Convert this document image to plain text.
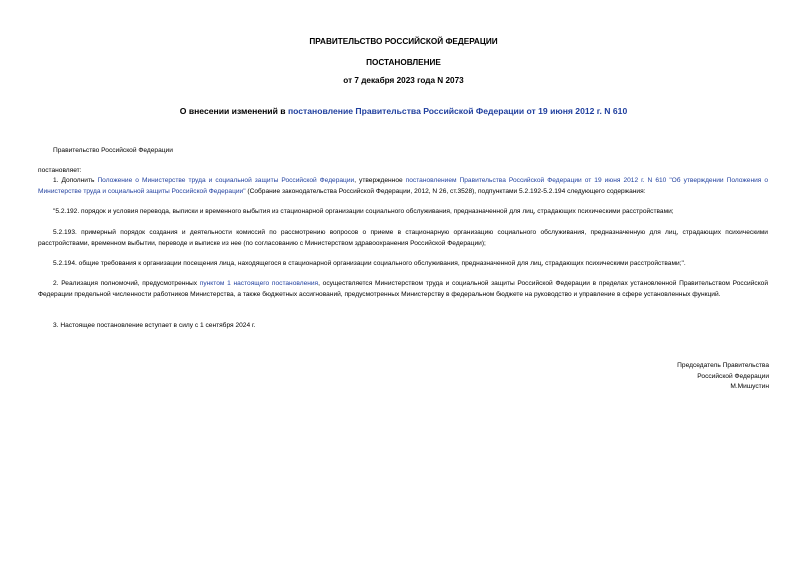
ПРАВИТЕЛЬСТВО РОССИЙСКОЙ ФЕДЕРАЦИИ
ПОСТАНОВЛЕНИЕ
от 7 декабря 2023 года N 2073
О внесении изменений в постановление Правительства Российской Федерации от 19 июня 2012 г. N 610
Правительство Российской Федерации
постановляет:
1. Дополнить Положение о Министерстве труда и социальной защиты Российской Федерации, утвержденное постановлением Правительства Российской Федерации от 19 июня 2012 г. N 610 "Об утверждении Положения о Министерстве труда и социальной защиты Российской Федерации" (Собрание законодательства Российской Федерации, 2012, N 26, ст.3528), подпунктами 5.2.192-5.2.194 следующего содержания:
"5.2.192. порядок и условия перевода, выписки и временного выбытия из стационарной организации социального обслуживания, предназначенной для лиц, страдающих психическими расстройствами;
5.2.193. примерный порядок создания и деятельности комиссий по рассмотрению вопросов о приеме в стационарную организацию социального обслуживания, предназначенную для лиц, страдающих психическими расстройствами, временном выбытии, переводе и выписке из нее (по согласованию с Министерством здравоохранения Российской Федерации);
5.2.194. общие требования к организации посещения лица, находящегося в стационарной организации социального обслуживания, предназначенной для лиц, страдающих психическими расстройствами;".
2. Реализация полномочий, предусмотренных пунктом 1 настоящего постановления, осуществляется Министерством труда и социальной защиты Российской Федерации в пределах установленной Правительством Российской Федерации предельной численности работников Министерства, а также бюджетных ассигнований, предусмотренных Министерству в федеральном бюджете на руководство и управление в сфере установленных функций.
3. Настоящее постановление вступает в силу с 1 сентября 2024 г.
Председатель Правительства
Российской Федерации
М.Мишустин
